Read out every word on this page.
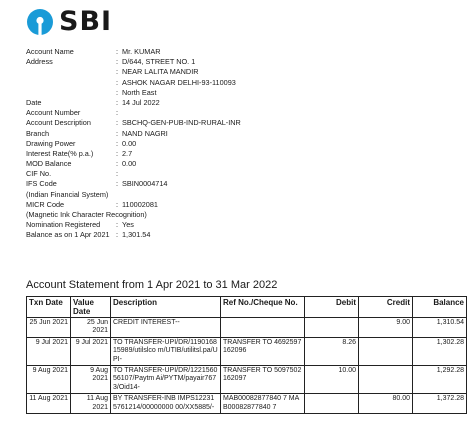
SBI
Account Name	: Mr. KUMAR
Address	: D/644, STREET NO. 1
: NEAR LALITA MANDIR
: ASHOK NAGAR DELHI-93-110093
: North East
Date	: 14 Jul 2022
Account Number	:
Account Description	: SBCHQ-GEN-PUB-IND-RURAL-INR
Branch	: NAND NAGRI
Drawing Power	: 0.00
Interest Rate(% p.a.)	: 2.7
MOD Balance	: 0.00
CIF No.	:
IFS Code	: SBIN0004714
(Indian Financial System)
MICR Code	: 110002081
(Magnetic Ink Character Recognition)
Nomination Registered	: Yes
Balance as on 1 Apr 2021 : 1,301.54
Account Statement from 1 Apr 2021 to 31 Mar 2022
Txn Date	Value Date	Description	Ref No./Cheque No.	Debit	Credit	Balance
25 Jun 2021	25 Jun 2021	CREDIT INTEREST--			9.00	1,310.54
9 Jul 2021	9 Jul 2021	TO TRANSFER-UPI/DR/119016815989/utilslco m/UTIB/utilitsl.pa/UPI-	TRANSFER TO 4692597162096	8.26		1,302.28
9 Aug 2021	9 Aug 2021	TO TRANSFER-UPI/DR/122156056107/Paytm Ai/PYTM/payair7673/Oid14-	TRANSFER TO 5097502162097	10.00		1,292.28
11 Aug 2021	11 Aug 2021	BY TRANSFER-INB IMPS122315761214/00000000 00/XX5885/-	MAB00082877840 7 MAB00082877840 7		80.00	1,372.28
